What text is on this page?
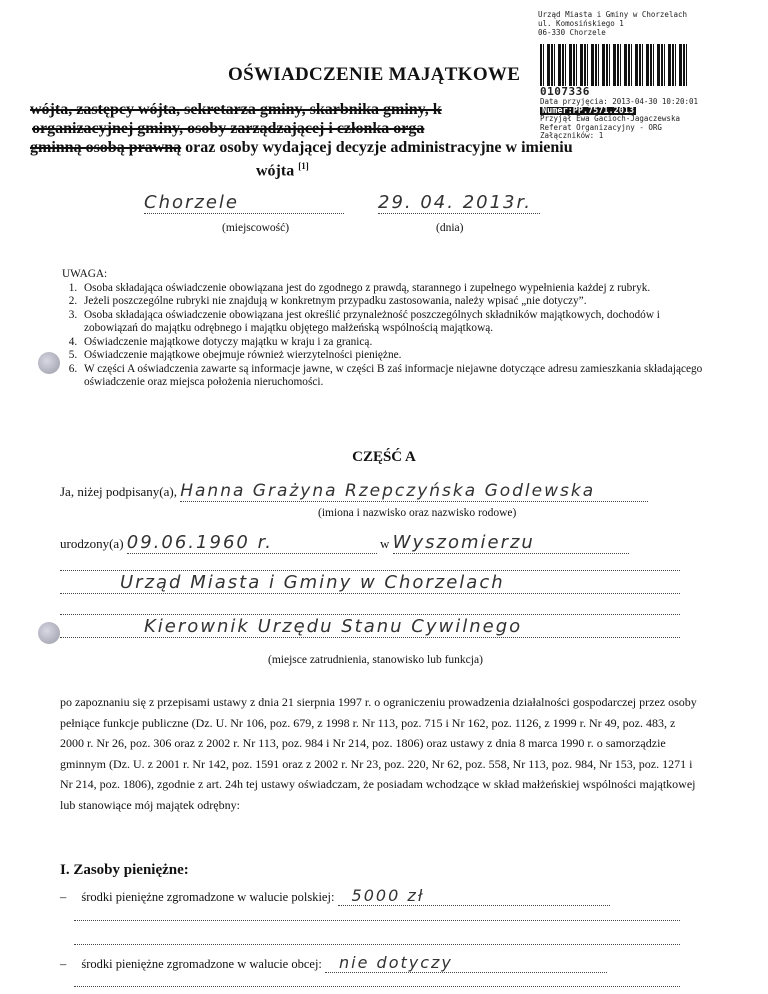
Urząd Miasta i Gminy w Chorzelach
ul. Komosińskiego 1
06-330 Chorzele
0107336
Data przyjęcia: 2013-04-30 10:20:01
Numer:PP.7571.2013
Przyjął Ewa Gacioch-Jagaczewska
Referat Organizacyjny - ORG
Załączników: 1
OŚWIADCZENIE MAJĄTKOWE
wójta, zastępcy wójta, sekretarza gminy, skarbnika gminy, k
organizacyjnej gminy, osoby zarządzającej i członka orga
gminną osobą prawną oraz osoby wydającej decyzje administracyjne w imieniu
wójta [1]
Chorzele	29. 04. 2013r.
(miejscowość)	(dnia)
UWAGA:
1. Osoba składająca oświadczenie obowiązana jest do zgodnego z prawdą, starannego i zupełnego wypełnienia każdej z rubryk.
2. Jeżeli poszczególne rubryki nie znajdują w konkretnym przypadku zastosowania, należy wpisać „nie dotyczy”.
3. Osoba składająca oświadczenie obowiązana jest określić przynależność poszczególnych składników majątkowych, dochodów i zobowiązań do majątku odrębnego i majątku objętego małżeńską wspólnością majątkową.
4. Oświadczenie majątkowe dotyczy majątku w kraju i za granicą.
5. Oświadczenie majątkowe obejmuje również wierzytelności pieniężne.
6. W części A oświadczenia zawarte są informacje jawne, w części B zaś informacje niejawne dotyczące adresu zamieszkania składającego oświadczenie oraz miejsca położenia nieruchomości.
CZĘŚĆ A
Ja, niżej podpisany(a), Hanna Grażyna Rzepczyńska Godlewska
(imiona i nazwisko oraz nazwisko rodowe)
urodzony(a) 09.06.1960 r.	w Wyszomierzu
Urząd Miasta i Gminy w Chorzelach
Kierownik Urzędu Stanu Cywilnego
(miejsce zatrudnienia, stanowisko lub funkcja)
po zapoznaniu się z przepisami ustawy z dnia 21 sierpnia 1997 r. o ograniczeniu prowadzenia działalności gospodarczej przez osoby pełniące funkcje publiczne (Dz. U. Nr 106, poz. 679, z 1998 r. Nr 113, poz. 715 i Nr 162, poz. 1126, z 1999 r. Nr 49, poz. 483, z 2000 r. Nr 26, poz. 306 oraz z 2002 r. Nr 113, poz. 984 i Nr 214, poz. 1806) oraz ustawy z dnia 8 marca 1990 r. o samorządzie gminnym (Dz. U. z 2001 r. Nr 142, poz. 1591 oraz z 2002 r. Nr 23, poz. 220, Nr 62, poz. 558, Nr 113, poz. 984, Nr 153, poz. 1271 i Nr 214, poz. 1806), zgodnie z art. 24h tej ustawy oświadczam, że posiadam wchodzące w skład małżeńskiej wspólności majątkowej lub stanowiące mój majątek odrębny:
I. Zasoby pieniężne:
– środki pieniężne zgromadzone w walucie polskiej: 5000 zł
– środki pieniężne zgromadzone w walucie obcej: nie dotyczy
